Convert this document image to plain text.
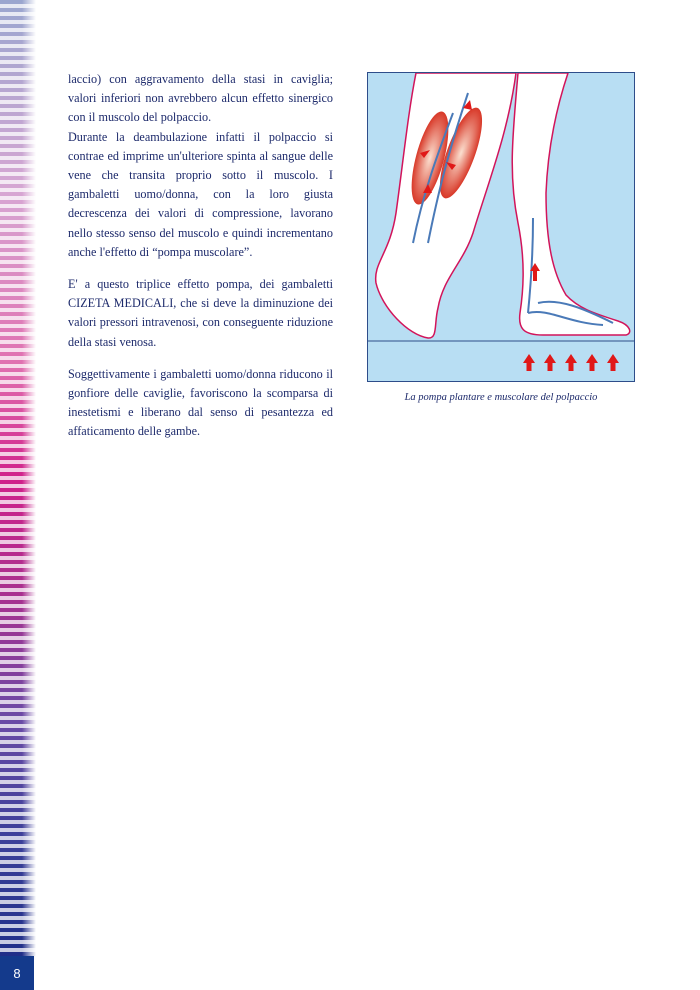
8

laccio) con aggravamento della stasi in caviglia; valori inferiori non avrebbero alcun effetto sinergico con il muscolo del polpaccio.

Durante la deambulazione infatti il polpaccio si contrae ed imprime un'ulteriore spinta al sangue delle vene che transita proprio sotto il muscolo. I gambaletti uomo/donna, con la loro giusta decrescenza dei valori di compressione, lavorano nello stesso senso del muscolo e quindi incrementano anche l'effetto di “pompa muscolare”.

E' a questo triplice effetto pompa, dei gambaletti CIZETA MEDICALI, che si deve la diminuzione dei valori pressori intravenosi, con conseguente riduzione della stasi venosa.

Soggettivamente i gambaletti uomo/donna riducono il gonfiore delle caviglie, favoriscono la scomparsa di inestetismi e liberano dal senso di pesantezza ed affaticamento delle gambe.

La pompa plantare e muscolare del polpaccio
